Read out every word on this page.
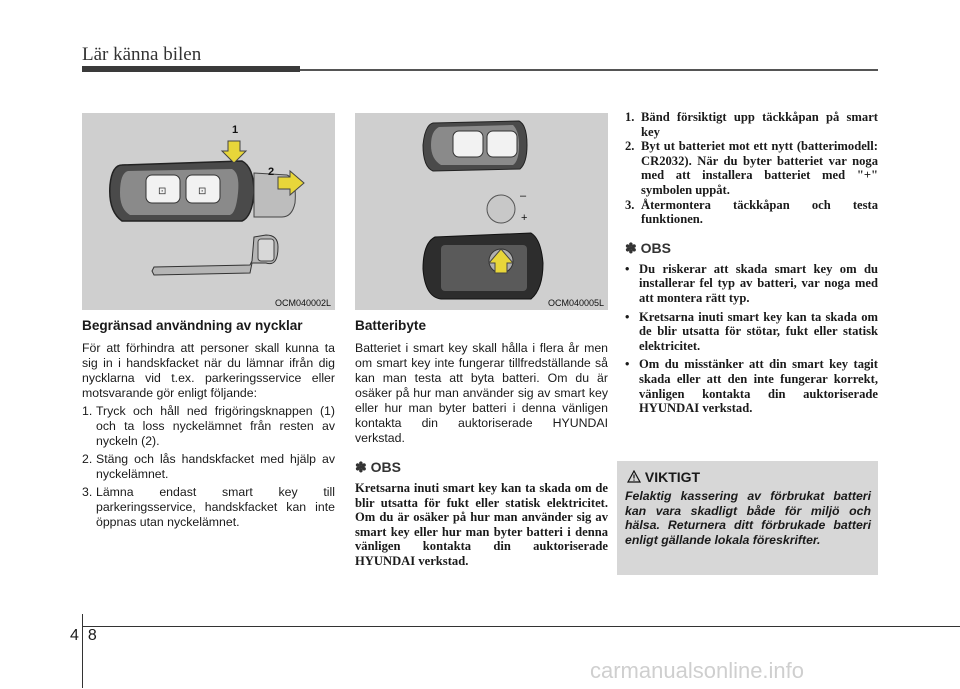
Lär känna bilen
⊡	⊡
1
2
OCM040002L
–
+
OCM040005L
Begränsad användning av nycklar

För att förhindra att personer skall kunna ta sig in i handskfacket när du lämnar ifrån dig nycklarna vid t.ex. parkeringsservice eller motsvarande gör enligt följande:

1. Tryck och håll ned frigöringsknappen (1) och ta loss nyckelämnet från resten av nyckeln (2).
2. Stäng och lås handskfacket med hjälp av nyckelämnet.
3. Lämna endast smart key till parkeringsservice, handskfacket kan inte öppnas utan nyckelämnet.
Batteribyte

Batteriet i smart key skall hålla i flera år men om smart key inte fungerar tillfredställande så kan man testa att byta batteri. Om du är osäker på hur man använder sig av smart key eller hur man byter batteri i denna vänligen kontakta din auktoriserade HYUNDAI verkstad.

✽ OBS
Kretsarna inuti smart key kan ta skada om de blir utsatta för fukt eller statisk elektricitet. Om du är osäker på hur man använder sig av smart key eller hur man byter batteri i denna vänligen kontakta din auktoriserade HYUNDAI verkstad.
1. Bänd försiktigt upp täckkåpan på smart key
2. Byt ut batteriet mot ett nytt (batterimodell: CR2032). När du byter batteriet var noga med att installera batteriet med "+" symbolen uppåt.
3. Återmontera täckkåpan och testa funktionen.
✽ OBS
• Du riskerar att skada smart key om du installerar fel typ av batteri, var noga med att montera rätt typ.
• Kretsarna inuti smart key kan ta skada om de blir utsatta för stötar, fukt eller statisk elektricitet.
• Om du misstänker att din smart key tagit skada eller att den inte fungerar korrekt, vänligen kontakta din auktoriserade HYUNDAI verkstad.
VIKTIGT
Felaktig kassering av förbrukat batteri kan vara skadligt både för miljö och hälsa. Returnera ditt förbrukade batteri enligt gällande lokala föreskrifter.
48
carmanualsonline.info
